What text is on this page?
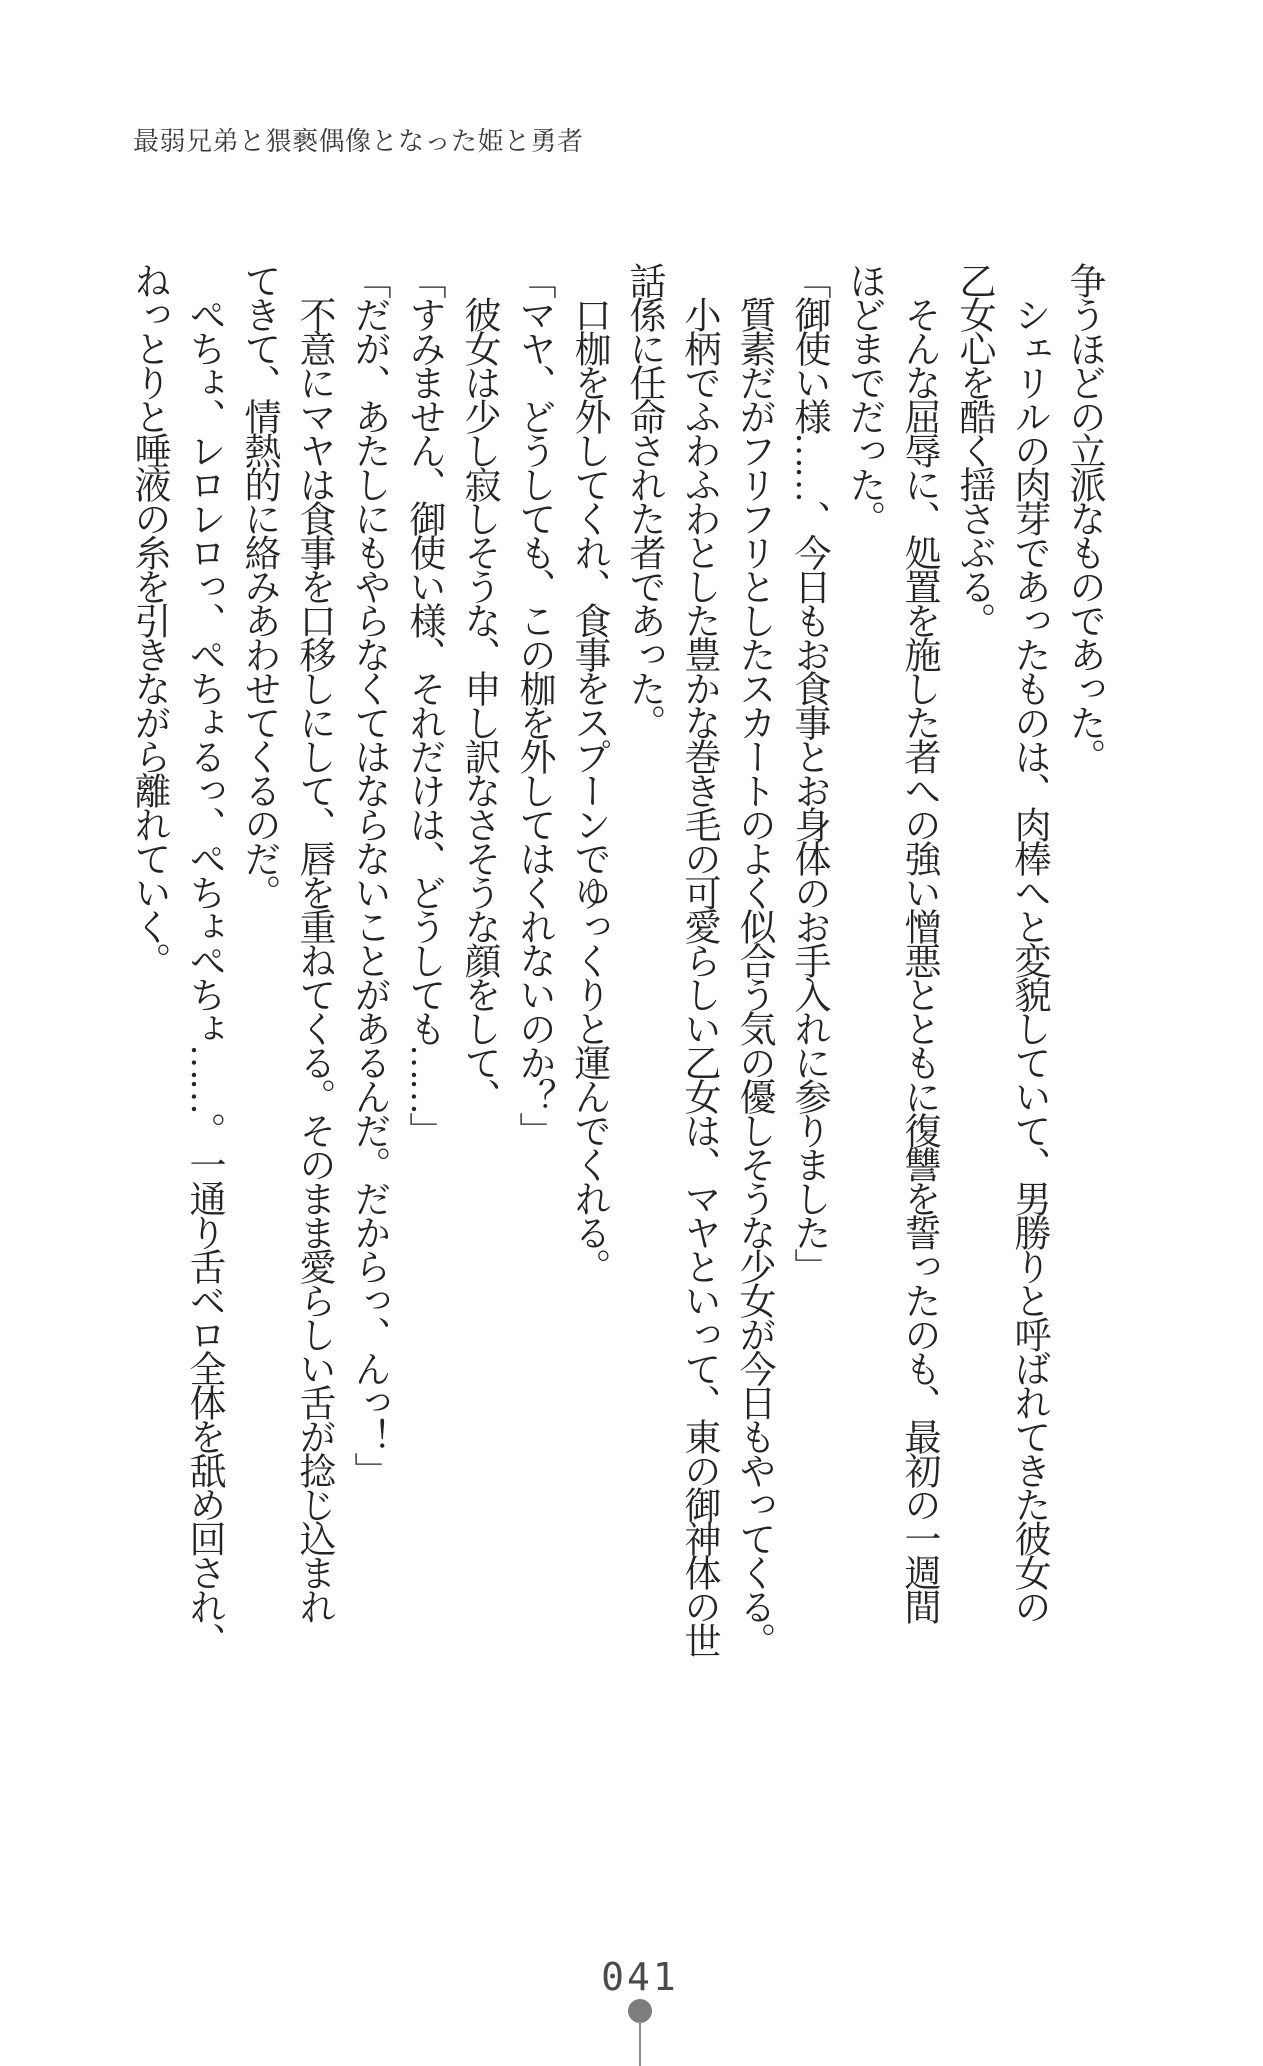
最弱兄弟と猥褻偶像となった姫と勇者

争うほどの立派なものであった。

　シェリルの肉芽であったものは、肉棒へと変貌していて、男勝りと呼ばれてきた彼女の

乙女心を酷く揺さぶる。

　そんな屈辱に、処置を施した者への強い憎悪とともに復讐を誓ったのも、最初の一週間

ほどまでだった。

「御使い様……、今日もお食事とお身体のお手入れに参りました」

　質素だがフリフリとしたスカートのよく似合う気の優しそうな少女が今日もやってくる。

　小柄でふわふわとした豊かな巻き毛の可愛らしい乙女は、マヤといって、東の御神体の世

話係に任命された者であった。

　口枷を外してくれ、食事をスプーンでゆっくりと運んでくれる。

「マヤ、どうしても、この枷を外してはくれないのか？」

　彼女は少し寂しそうな、申し訳なさそうな顔をして、

「すみません、御使い様、それだけは、どうしても……」

「だが、あたしにもやらなくてはならないことがあるんだ。だからっ、んっ！」

　不意にマヤは食事を口移しにして、唇を重ねてくる。そのまま愛らしい舌が捻じ込まれ

てきて、情熱的に絡みあわせてくるのだ。

　ぺちょ、レロレロっ、ぺちょるっ、ぺちょぺちょ……。一通り舌ベロ全体を舐め回され、

ねっとりと唾液の糸を引きながら離れていく。

041
